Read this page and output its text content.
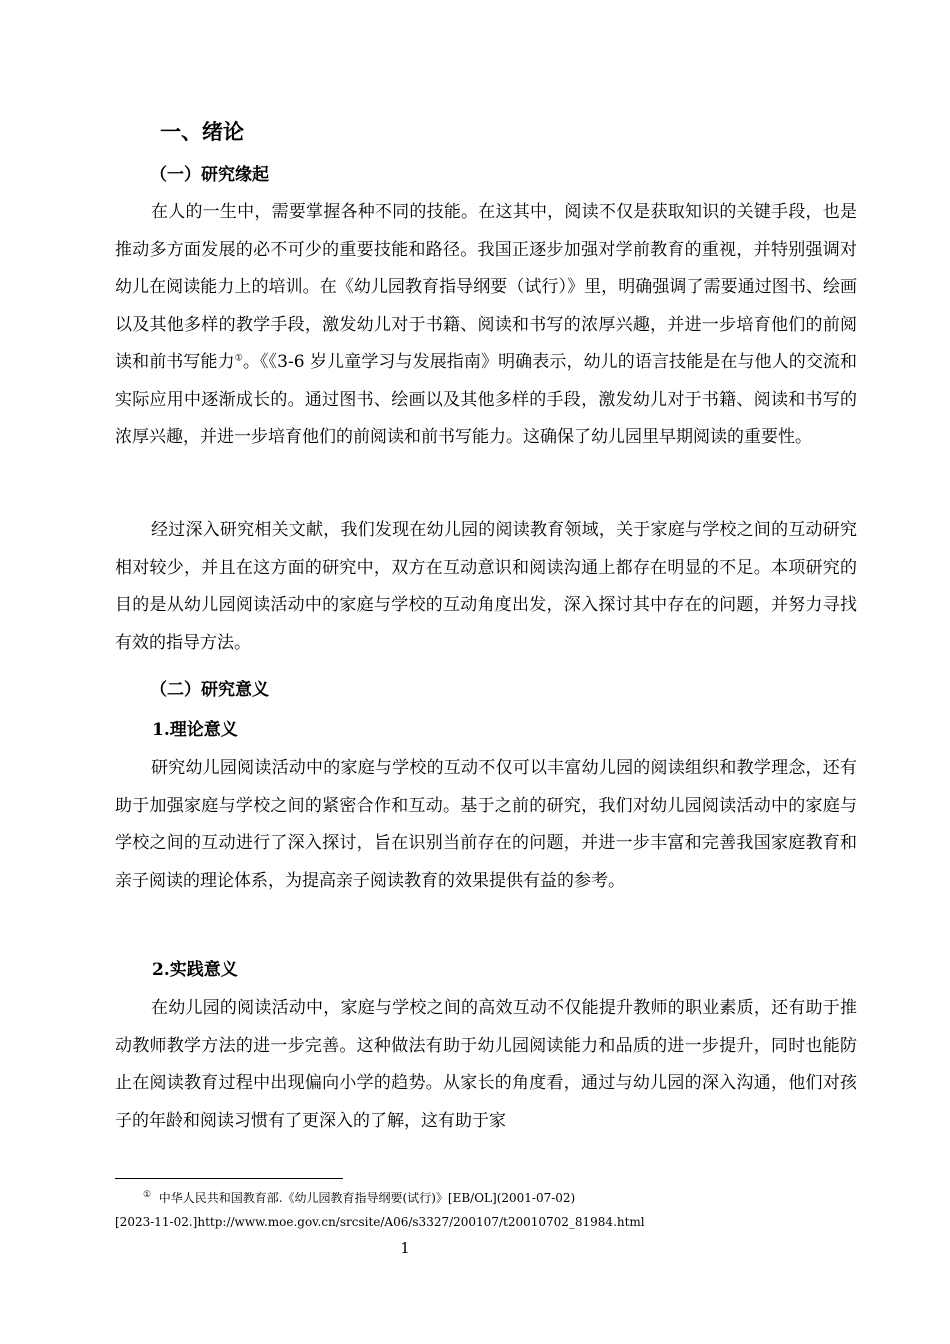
一、绪论
（一）研究缘起

在人的一生中，需要掌握各种不同的技能。在这其中，阅读不仅是获取知识的关键手段，也是推动多方面发展的必不可少的重要技能和路径。我国正逐步加强对学前教育的重视，并特别强调对幼儿在阅读能力上的培训。在《幼儿园教育指导纲要（试行）》里，明确强调了需要通过图书、绘画以及其他多样的教学手段，激发幼儿对于书籍、阅读和书写的浓厚兴趣，并进一步培育他们的前阅读和前书写能力①。《《3-6 岁儿童学习与发展指南》明确表示，幼儿的语言技能是在与他人的交流和实际应用中逐渐成长的。通过图书、绘画以及其他多样的手段，激发幼儿对于书籍、阅读和书写的浓厚兴趣，并进一步培育他们的前阅读和前书写能力。这确保了幼儿园里早期阅读的重要性。

经过深入研究相关文献，我们发现在幼儿园的阅读教育领域，关于家庭与学校之间的互动研究相对较少，并且在这方面的研究中，双方在互动意识和阅读沟通上都存在明显的不足。本项研究的目的是从幼儿园阅读活动中的家庭与学校的互动角度出发，深入探讨其中存在的问题，并努力寻找有效的指导方法。

（二）研究意义
1.理论意义

研究幼儿园阅读活动中的家庭与学校的互动不仅可以丰富幼儿园的阅读组织和教学理念，还有助于加强家庭与学校之间的紧密合作和互动。基于之前的研究，我们对幼儿园阅读活动中的家庭与学校之间的互动进行了深入探讨，旨在识别当前存在的问题，并进一步丰富和完善我国家庭教育和亲子阅读的理论体系，为提高亲子阅读教育的效果提供有益的参考。

2.实践意义

在幼儿园的阅读活动中，家庭与学校之间的高效互动不仅能提升教师的职业素质，还有助于推动教师教学方法的进一步完善。这种做法有助于幼儿园阅读能力和品质的进一步提升，同时也能防止在阅读教育过程中出现偏向小学的趋势。从家长的角度看，通过与幼儿园的深入沟通，他们对孩子的年龄和阅读习惯有了更深入的了解，这有助于家

① 中华人民共和国教育部.《幼儿园教育指导纲要(试行)》[EB/OL](2001-07-02)
[2023-11-02.]http://www.moe.gov.cn/srcsite/A06/s3327/200107/t20010702_81984.html
1
